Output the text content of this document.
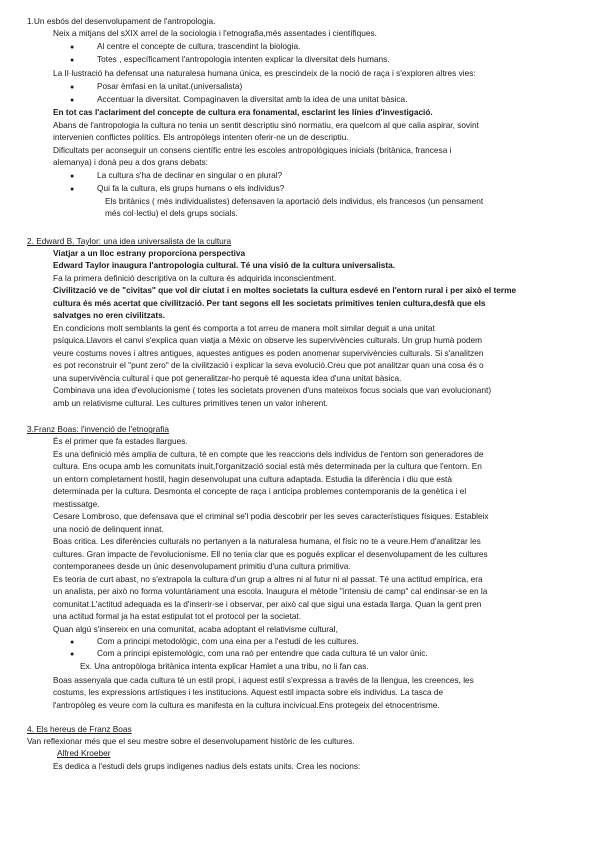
1.Un esbós del desenvolupament de l'antropologia.
Neix a mitjans del sXIX arrel de la sociologia i l'etnografia,més assentades i científiques.
●	Al centre el concepte de cultura, trascendint la biologia.
●	Totes , específicament l'antropologia intenten explicar la diversitat dels humans.
La Il·lustració ha defensat una naturalesa humana única, es prescindeix de la noció de raça i s'exploren altres vies:
●	Posar èmfasi en la unitat.(universalista)
●	Accentuar la diversitat. Compaginaven la diversitat amb la idea de una unitat bàsica.
En tot cas l'aclariment del concepte de cultura era fonamental, esclarint les línies d'investigació.
Abans de l'antropologia la cultura no tenia un sentit descriptiu sinó normatiu, era quelcom al que calia aspirar, sovint
intervenien conflictes polítics. Els antropòlegs intenten oferir-ne un de descriptiu.
Dificultats per aconseguir un consens científic entre les escoles antropològiques inicials (britànica, francesa i
alemanya) i donà peu a dos grans debats:
●	La cultura s'ha de declinar en singular o en plural?
●	Qui fa la cultura, els grups humans o els individus?
Els britànics ( més individualistes) defensaven la aportació dels individus, els francesos (un pensament
més col·lectiu) el dels grups socials.
2. Edward B. Taylor: una idea universalista de la cultura
Viatjar a un lloc estrany proporciona perspectiva
Edward Taylor inaugura l'antropologia cultural. Té una visió de la cultura universalista.
Fa la primera definició descriptiva on la cultura és adquirida inconscientment.
Civilització ve de "civitas" que vol dir ciutat i en moltes societats la cultura esdevé en l'entorn rural i per això el terme
cultura és més acertat que civilització. Per tant segons ell les societats primitives tenien cultura,desfà que els
salvatges no eren civilitzats.
En condicions molt semblants la gent és comporta a tot arreu de manera molt similar deguit a una unitat
psíquica.Llavors el canvi s'explica quan viatja a Mèxic on observe les supervivències culturals. Un grup humà podem
veure costums noves i altres antigues, aquestes antigues es poden anomenar supervivències culturals. Si s'analitzen
es pot reconstruir el "punt zero" de la civilització i explicar la seva evolució.Creu que pot analitzar quan una cosa és o
una supervivència cultural i que pot generalitzar-ho perquè té aquesta idea d'una unitat bàsica.
Combinava una idea d'evolucionisme ( totes les societats provenen d'uns mateixos focus socials que van evolucionant)
amb un relativisme cultural. Les cultures primitives tenen un valor inherent.
3.Franz Boas: l'invenció de l'etnografia
És el primer que fa estades llargues.
Es una definició més amplia de cultura, té en compte que les reaccions dels individus de l'entorn son generadores de
cultura. Ens ocupa amb les comunitats inuit,l'organització social està més determinada per la cultura que l'entorn. En
un entorn completament hostil, hagin desenvolupat una cultura adaptada. Estudia la diferència i diu que està
determinada per la cultura. Desmonta el concepte de raça i anticipa problemes contemporanis de la genètica i el
mestissatge.
Cesare Lombroso, que defensava que el criminal se'l podia descobrir per les seves característiques físiques. Estableix
una noció de delinquent innat.
Boas critica. Les diferències culturals no pertanyen a la naturalesa humana, el físic no te a veure.Hem d'analitzar les
cultures. Gran impacte de l'evolucionisme. Ell no tenia clar que es pogués explicar el desenvolupament de les cultures
contemporanees desde un únic desenvolupament primitiu d'una cultura primitiva.
Es teoria de curt abast, no s'extrapola la cultura d'un grup a altres ni al futur ni al passat. Té una actitud empírica, era
un analista, per això no forma voluntàriament una escola. Inaugura el mètode "intensiu de camp" cal endinsar-se en la
comunitat.L'actitud adequada es la d'inserir-se i observar, per això cal que sigui una estada llarga. Quan la gent pren
una actitud formal ja ha estat estipulat tot el protocol per la societat.
Quan algú s'insereix en una comunitat, acaba adoptant el relativisme cultural,
●	Com a principi metodològic, com una eina per a l'estudi de les cultures.
●	Com a principi epistemològic, com una raó per entendre que cada cultura té un valor únic.
Ex. Una antropòloga britànica intenta explicar Hamlet a una tribu, no li fan cas.
Boas assenyala que cada cultura té un estil propi, i aquest estil s'expressa a través de la llengua, les creences, les
costums, les expressions artístiques i les institucions. Aquest estil impacta sobre els individus. La tasca de
l'antropòleg es veure com la cultura es manifesta en la cultura incivicual.Ens protegeix del etnocentrisme.
4. Els hereus de Franz Boas
Van reflexionar més que el seu mestre sobre el desenvolupament històric de les cultures.
Alfred Kroeber
Es dedica a l'estudi dels grups indígenes nadius dels estats units. Crea les nocions:
